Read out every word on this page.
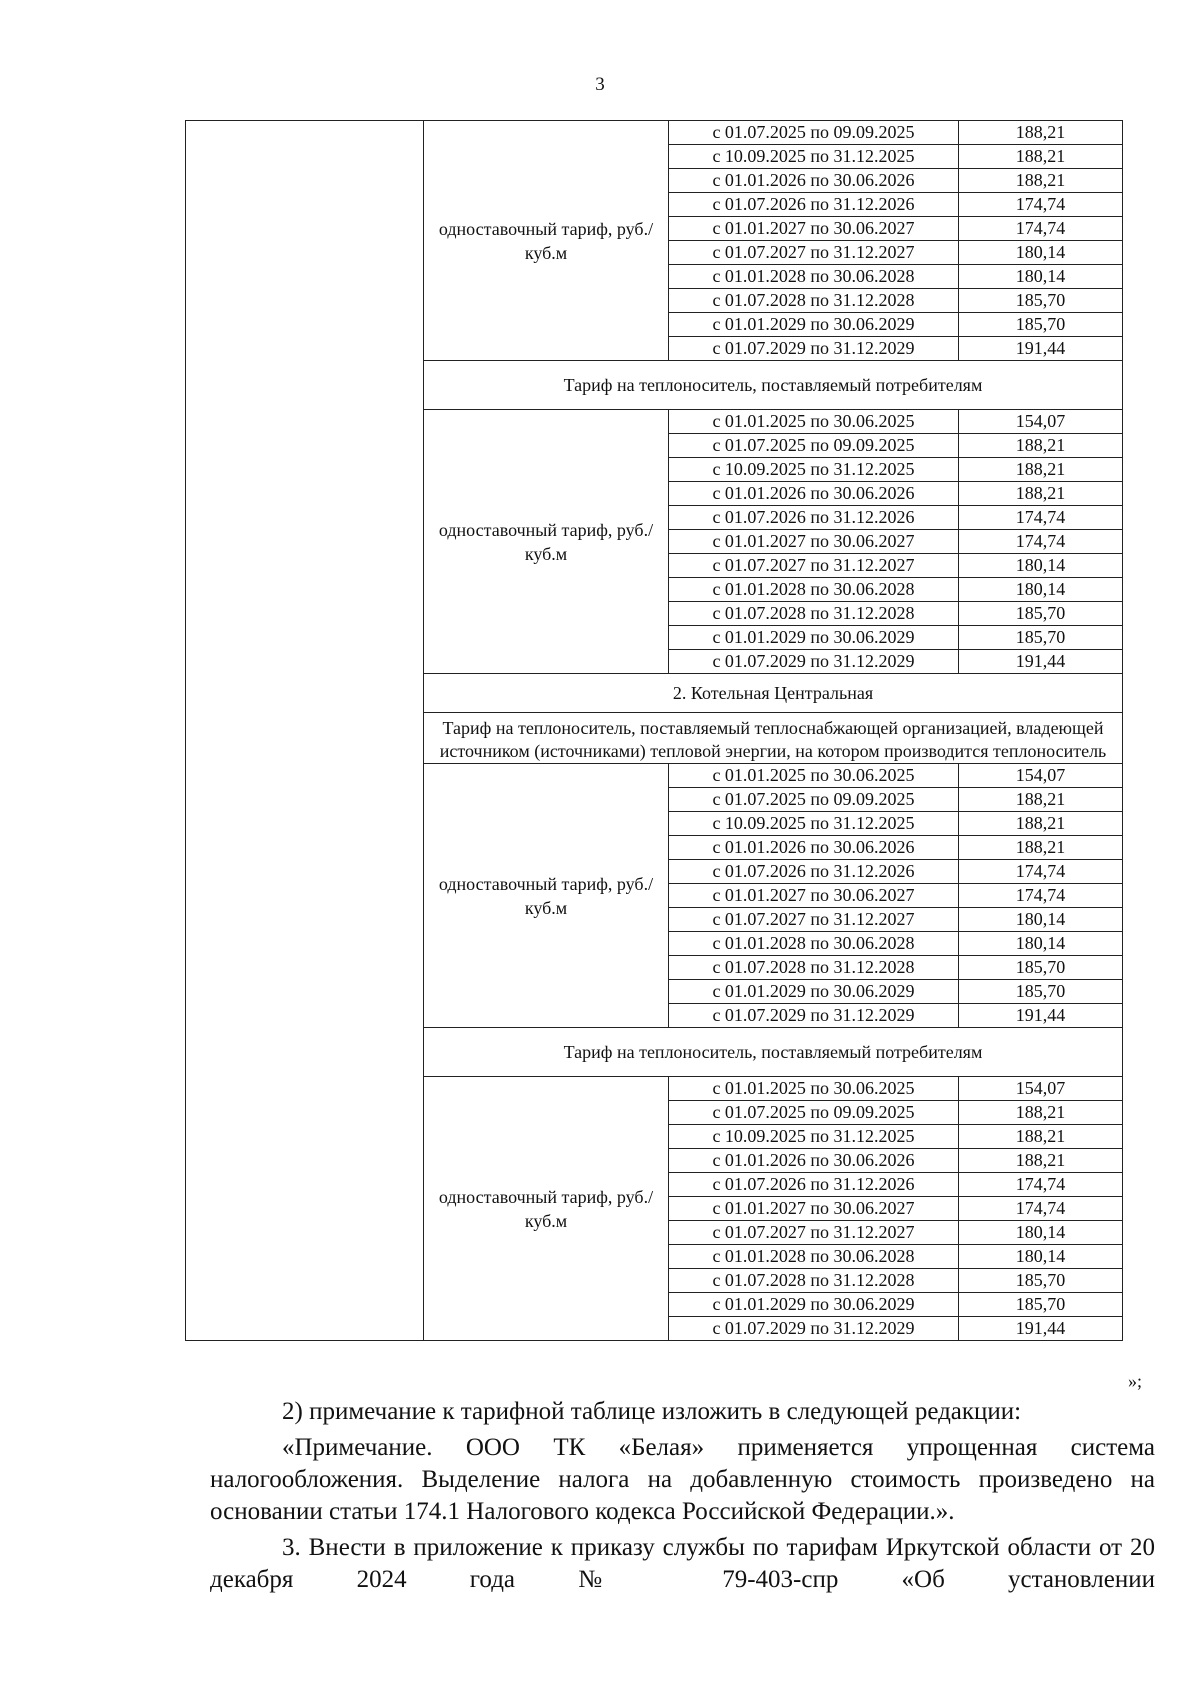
3
	одноставочный тариф, руб./куб.м	с 01.07.2025 по 09.09.2025	188,21
		с 10.09.2025 по 31.12.2025	188,21
		с 01.01.2026 по 30.06.2026	188,21
		с 01.07.2026 по 31.12.2026	174,74
		с 01.01.2027 по 30.06.2027	174,74
		с 01.07.2027 по 31.12.2027	180,14
		с 01.01.2028 по 30.06.2028	180,14
		с 01.07.2028 по 31.12.2028	185,70
		с 01.01.2029 по 30.06.2029	185,70
		с 01.07.2029 по 31.12.2029	191,44
	Тариф на теплоноситель, поставляемый потребителям		
	одноставочный тариф, руб./куб.м	с 01.01.2025 по 30.06.2025	154,07
		с 01.07.2025 по 09.09.2025	188,21
		с 10.09.2025 по 31.12.2025	188,21
		с 01.01.2026 по 30.06.2026	188,21
		с 01.07.2026 по 31.12.2026	174,74
		с 01.01.2027 по 30.06.2027	174,74
		с 01.07.2027 по 31.12.2027	180,14
		с 01.01.2028 по 30.06.2028	180,14
		с 01.07.2028 по 31.12.2028	185,70
		с 01.01.2029 по 30.06.2029	185,70
		с 01.07.2029 по 31.12.2029	191,44
	2. Котельная Центральная		
	Тариф на теплоноситель, поставляемый теплоснабжающей организацией, владеющей источником (источниками) тепловой энергии, на котором производится теплоноситель		
	одноставочный тариф, руб./куб.м	с 01.01.2025 по 30.06.2025	154,07
		с 01.07.2025 по 09.09.2025	188,21
		с 10.09.2025 по 31.12.2025	188,21
		с 01.01.2026 по 30.06.2026	188,21
		с 01.07.2026 по 31.12.2026	174,74
		с 01.01.2027 по 30.06.2027	174,74
		с 01.07.2027 по 31.12.2027	180,14
		с 01.01.2028 по 30.06.2028	180,14
		с 01.07.2028 по 31.12.2028	185,70
		с 01.01.2029 по 30.06.2029	185,70
		с 01.07.2029 по 31.12.2029	191,44
	Тариф на теплоноситель, поставляемый потребителям		
	одноставочный тариф, руб./куб.м	с 01.01.2025 по 30.06.2025	154,07
		с 01.07.2025 по 09.09.2025	188,21
		с 10.09.2025 по 31.12.2025	188,21
		с 01.01.2026 по 30.06.2026	188,21
		с 01.07.2026 по 31.12.2026	174,74
		с 01.01.2027 по 30.06.2027	174,74
		с 01.07.2027 по 31.12.2027	180,14
		с 01.01.2028 по 30.06.2028	180,14
		с 01.07.2028 по 31.12.2028	185,70
		с 01.01.2029 по 30.06.2029	185,70
		с 01.07.2029 по 31.12.2029	191,44
»;
2) примечание к тарифной таблице изложить в следующей редакции:
«Примечание. ООО ТК «Белая» применяется упрощенная система налогообложения. Выделение налога на добавленную стоимость произведено на основании статьи 174.1 Налогового кодекса Российской Федерации.».
3. Внести в приложение к приказу службы по тарифам Иркутской области от 20 декабря 2024 года № 79-403-спр «Об установлении
